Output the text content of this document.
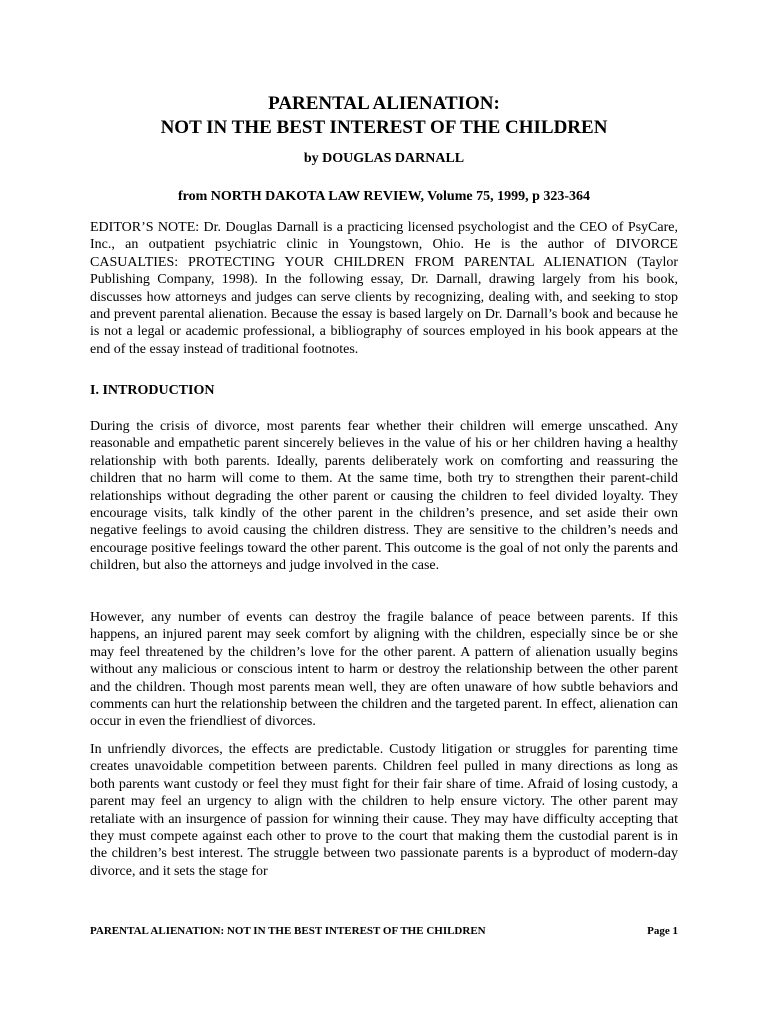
PARENTAL ALIENATION:
NOT IN THE BEST INTEREST OF THE CHILDREN

by DOUGLAS DARNALL

from NORTH DAKOTA LAW REVIEW, Volume 75, 1999, p 323-364

EDITOR’S NOTE: Dr. Douglas Darnall is a practicing licensed psychologist and the CEO of PsyCare, Inc., an outpatient psychiatric clinic in Youngstown, Ohio. He is the author of DIVORCE CASUALTIES: PROTECTING YOUR CHILDREN FROM PARENTAL ALIENATION (Taylor Publishing Company, 1998). In the following essay, Dr. Darnall, drawing largely from his book, discusses how attorneys and judges can serve clients by recognizing, dealing with, and seeking to stop and prevent parental alienation. Because the essay is based largely on Dr. Darnall’s book and because he is not a legal or academic professional, a bibliography of sources employed in his book appears at the end of the essay instead of traditional footnotes.

I. INTRODUCTION

During the crisis of divorce, most parents fear whether their children will emerge unscathed. Any reasonable and empathetic parent sincerely believes in the value of his or her children having a healthy relationship with both parents. Ideally, parents deliberately work on comforting and reassuring the children that no harm will come to them. At the same time, both try to strengthen their parent-child relationships without degrading the other parent or causing the children to feel divided loyalty. They encourage visits, talk kindly of the other parent in the children’s presence, and set aside their own negative feelings to avoid causing the children distress. They are sensitive to the children’s needs and encourage positive feelings toward the other parent. This outcome is the goal of not only the parents and children, but also the attorneys and judge involved in the case.

However, any number of events can destroy the fragile balance of peace between parents. If this happens, an injured parent may seek comfort by aligning with the children, especially since be or she may feel threatened by the children’s love for the other parent. A pattern of alienation usually begins without any malicious or conscious intent to harm or destroy the relationship between the other parent and the children. Though most parents mean well, they are often unaware of how subtle behaviors and comments can hurt the relationship between the children and the targeted parent. In effect, alienation can occur in even the friendliest of divorces.

In unfriendly divorces, the effects are predictable. Custody litigation or struggles for parenting time creates unavoidable competition between parents. Children feel pulled in many directions as long as both parents want custody or feel they must fight for their fair share of time. Afraid of losing custody, a parent may feel an urgency to align with the children to help ensure victory. The other parent may retaliate with an insurgence of passion for winning their cause. They may have difficulty accepting that they must compete against each other to prove to the court that making them the custodial parent is in the children’s best interest. The struggle between two passionate parents is a byproduct of modern-day divorce, and it sets the stage for

PARENTAL ALIENATION: NOT IN THE BEST INTEREST OF THE CHILDREN	Page 1
